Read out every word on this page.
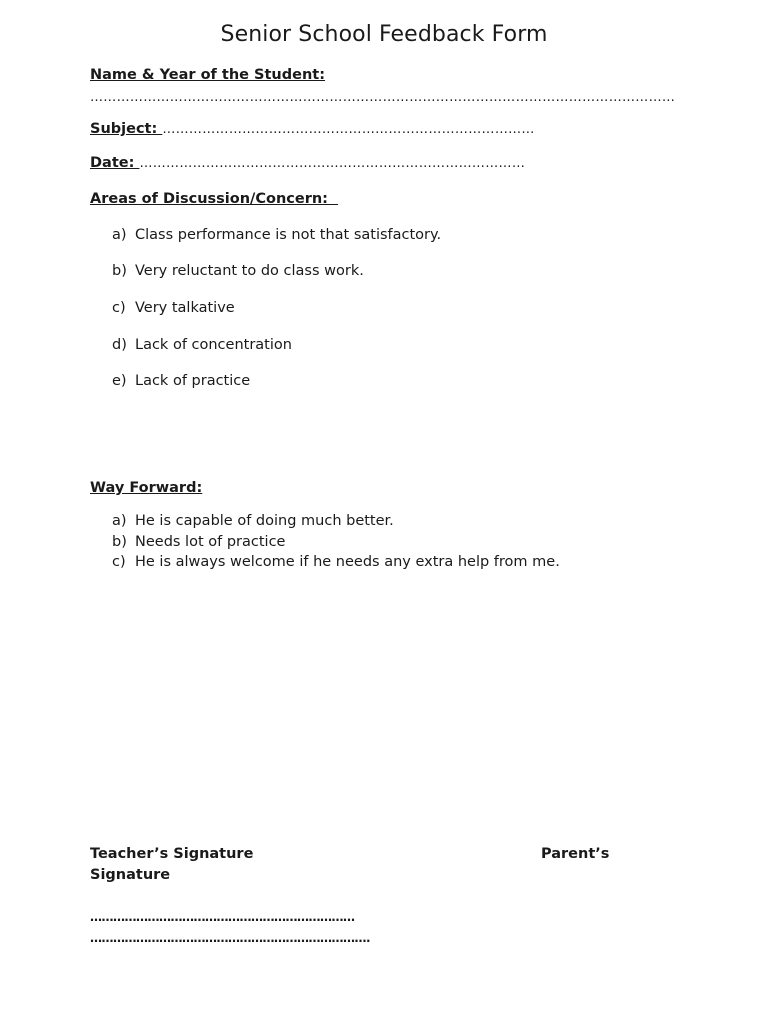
Senior School Feedback Form
Name & Year of the Student:
……………………………………………………………………………………………………………………
Subject: …………………………………………………………………………
Date: ……………………………………………………………………………
Areas of Discussion/Concern:
a) Class performance is not that satisfactory.
b) Very reluctant to do class work.
c) Very talkative
d) Lack of concentration
e) Lack of practice
Way Forward:
a) He is capable of doing much better.
b) Needs lot of practice
c) He is always welcome if he needs any extra help from me.
Teacher’s Signature	Parent’s
Signature
……………………………………………………………
……………………………………………………………….
